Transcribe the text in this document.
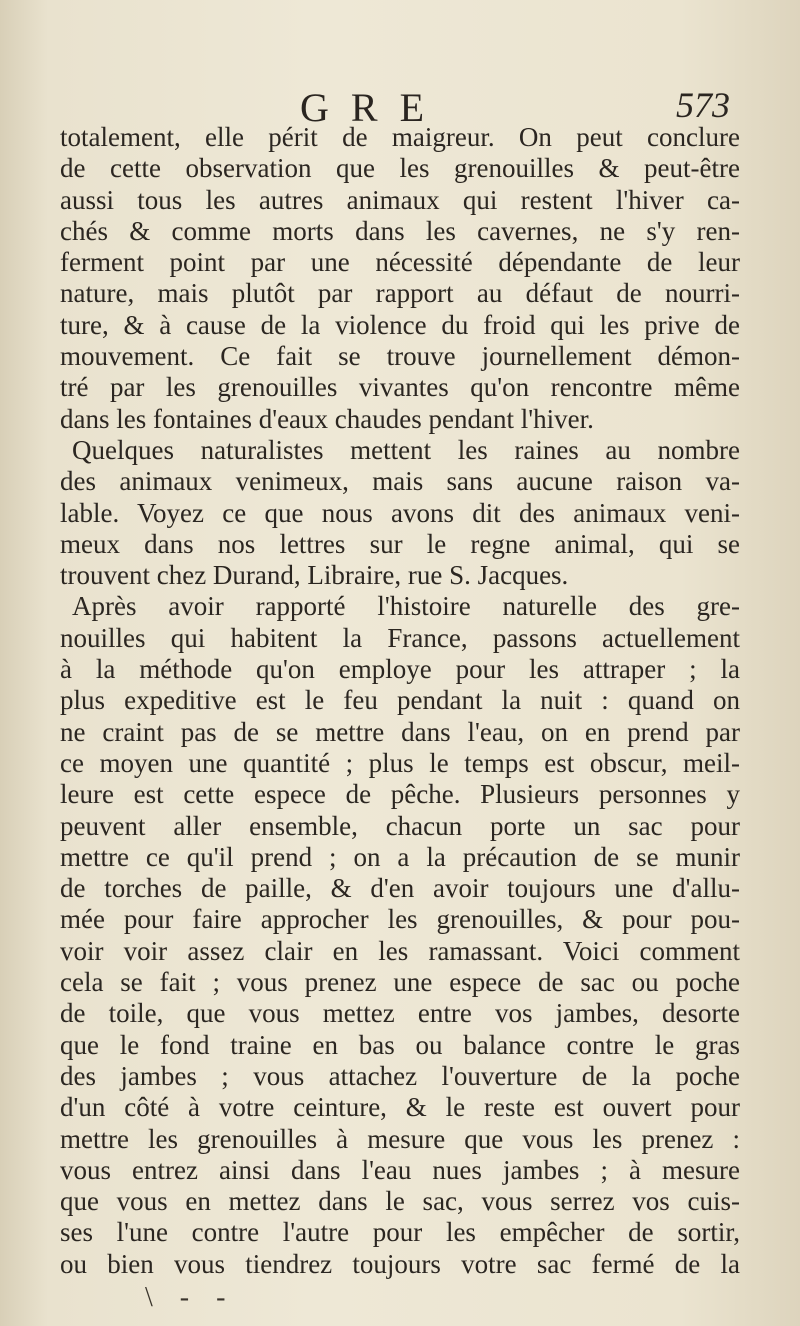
GRE	573
totalement, elle périt de maigreur. On peut conclure
de cette observation que les grenouilles & peut-être
aussi tous les autres animaux qui restent l'hiver ca-
chés & comme morts dans les cavernes, ne s'y ren-
ferment point par une nécessité dépendante de leur
nature, mais plutôt par rapport au défaut de nourri-
ture, & à cause de la violence du froid qui les prive de
mouvement. Ce fait se trouve journellement démon-
tré par les grenouilles vivantes qu'on rencontre même
dans les fontaines d'eaux chaudes pendant l'hiver.
Quelques naturalistes mettent les raines au nombre
des animaux venimeux, mais sans aucune raison va-
lable. Voyez ce que nous avons dit des animaux veni-
meux dans nos lettres sur le regne animal, qui se
trouvent chez Durand, Libraire, rue S. Jacques.
Après avoir rapporté l'histoire naturelle des gre-
nouilles qui habitent la France, passons actuellement
à la méthode qu'on employe pour les attraper ; la
plus expeditive est le feu pendant la nuit : quand on
ne craint pas de se mettre dans l'eau, on en prend par
ce moyen une quantité ; plus le temps est obscur, meil-
leure est cette espece de pêche. Plusieurs personnes y
peuvent aller ensemble, chacun porte un sac pour
mettre ce qu'il prend ; on a la précaution de se munir
de torches de paille, & d'en avoir toujours une d'allu-
mée pour faire approcher les grenouilles, & pour pou-
voir voir assez clair en les ramassant. Voici comment
cela se fait ; vous prenez une espece de sac ou poche
de toile, que vous mettez entre vos jambes, desorte
que le fond traine en bas ou balance contre le gras
des jambes ; vous attachez l'ouverture de la poche
d'un côté à votre ceinture, & le reste est ouvert pour
mettre les grenouilles à mesure que vous les prenez :
vous entrez ainsi dans l'eau nues jambes ; à mesure
que vous en mettez dans le sac, vous serrez vos cuis-
ses l'une contre l'autre pour les empêcher de sortir,
ou bien vous tiendrez toujours votre sac fermé de la
\ - -
